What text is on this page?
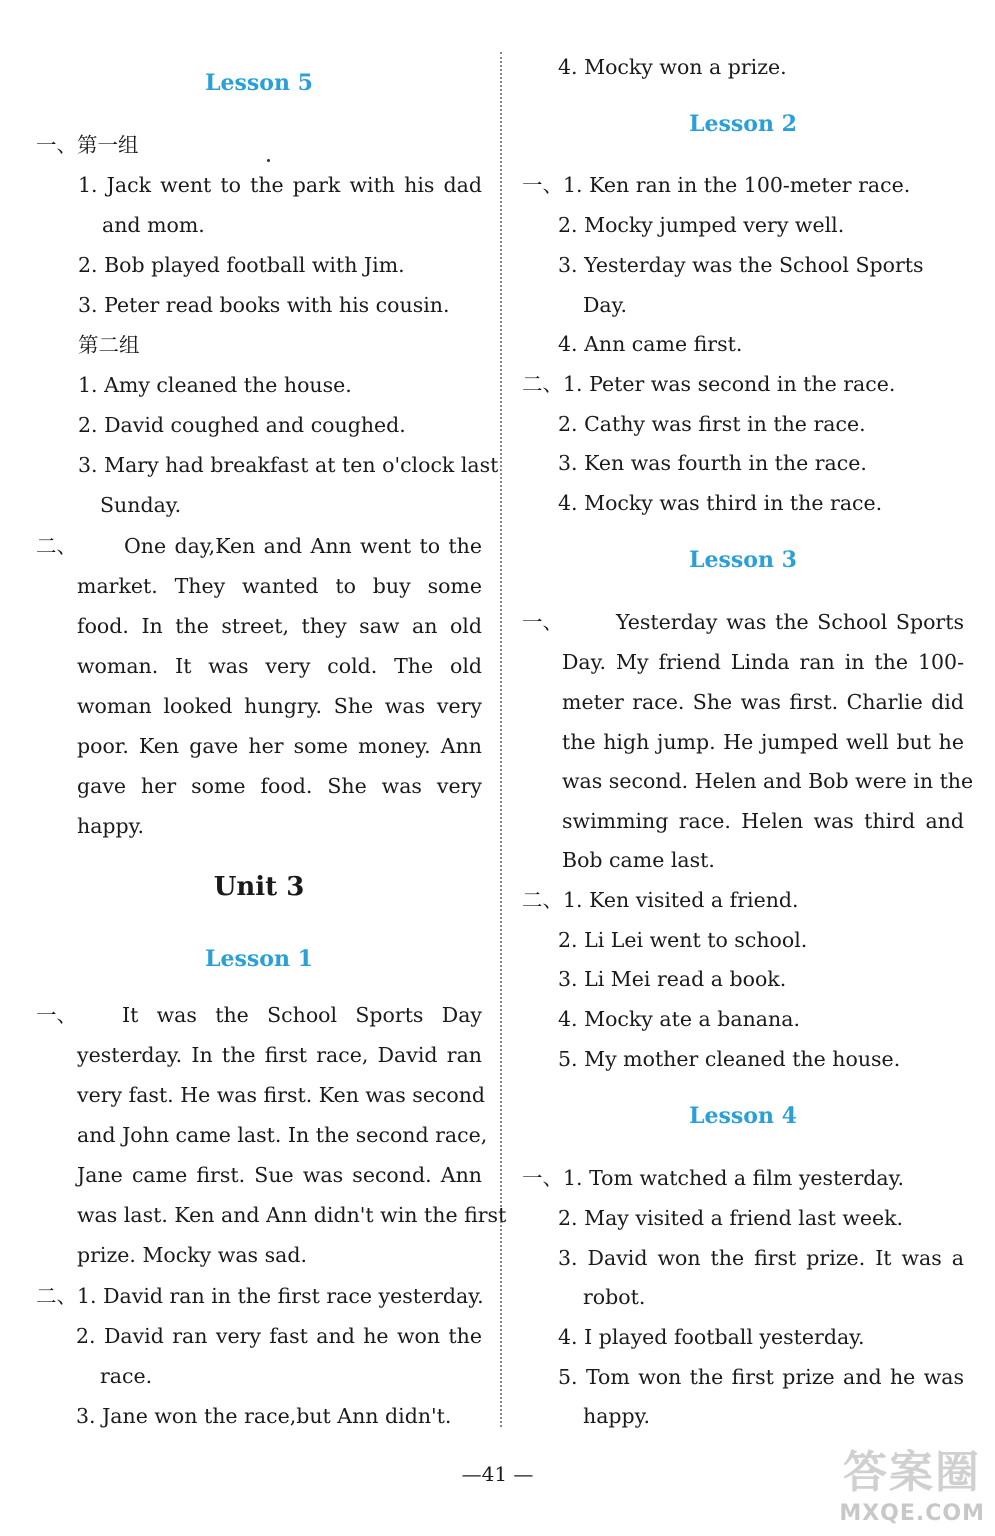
Lesson 5
一、第一组
1. Jack went to the park with his dad
and mom.
2. Bob played football with Jim.
3. Peter read books with his cousin.
第二组
1. Amy cleaned the house.
2. David coughed and coughed.
3. Mary had breakfast at ten o'clock last
Sunday.
二、	One day,Ken and Ann went to the
market. They wanted to buy some
food. In the street, they saw an old
woman. It was very cold. The old
woman looked hungry. She was very
poor. Ken gave her some money. Ann
gave her some food. She was very
happy.
Unit 3
Lesson 1
一、	It was the School Sports Day
yesterday. In the first race, David ran
very fast. He was first. Ken was second
and John came last. In the second race,
Jane came first. Sue was second. Ann
was last. Ken and Ann didn't win the first
prize. Mocky was sad.
二、1. David ran in the first race yesterday.
2. David ran very fast and he won the
race.
3. Jane won the race,but Ann didn't.
4. Mocky won a prize.
Lesson 2
一、1. Ken ran in the 100-meter race.
2. Mocky jumped very well.
3. Yesterday was the School Sports
Day.
4. Ann came first.
二、1. Peter was second in the race.
2. Cathy was first in the race.
3. Ken was fourth in the race.
4. Mocky was third in the race.
Lesson 3
一、	Yesterday was the School Sports
Day. My friend Linda ran in the 100-
meter race. She was first. Charlie did
the high jump. He jumped well but he
was second. Helen and Bob were in the
swimming race. Helen was third and
Bob came last.
二、1. Ken visited a friend.
2. Li Lei went to school.
3. Li Mei read a book.
4. Mocky ate a banana.
5. My mother cleaned the house.
Lesson 4
一、1. Tom watched a film yesterday.
2. May visited a friend last week.
3. David won the first prize. It was a
robot.
4. I played football yesterday.
5. Tom won the first prize and he was
happy.
—41 —	答案圈
MXQE.COM
